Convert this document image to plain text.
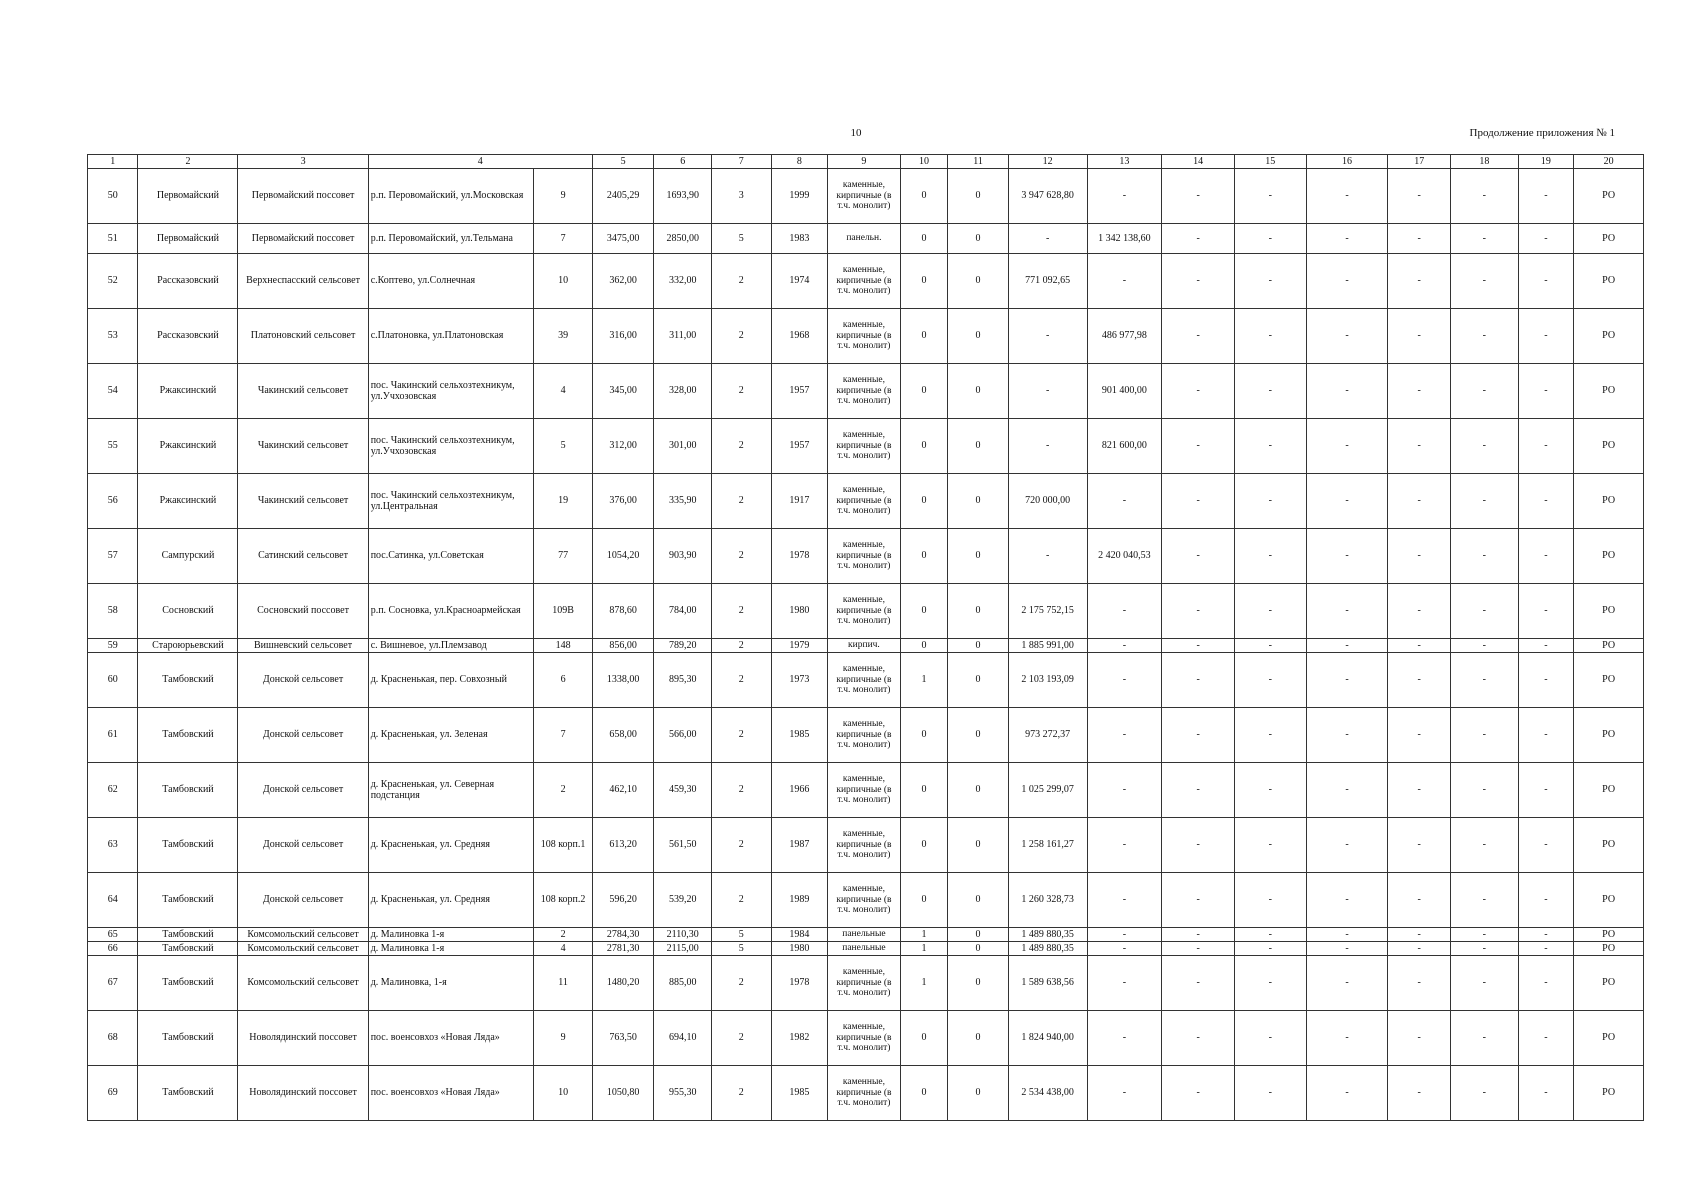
10	Продолжение приложения № 1
1	2	3	4		5	6	7	8	9	10	11	12	13	14	15	16	17	18	19	20
50	Первомайский	Первомайский поссовет	р.п. Перовомайский, ул.Московская	9	2405,29	1693,90	3	1999	каменные, кирпичные (в т.ч. монолит)	0	0	3 947 628,80	-	-	-	-	-	-	-	РО
51	Первомайский	Первомайский поссовет	р.п. Перовомайский, ул.Тельмана	7	3475,00	2850,00	5	1983	панельн.	0	0	-	1 342 138,60	-	-	-	-	-	-	РО
52	Рассказовский	Верхнеспасский сельсовет	с.Коптево, ул.Солнечная	10	362,00	332,00	2	1974	каменные, кирпичные (в т.ч. монолит)	0	0	771 092,65	-	-	-	-	-	-	-	РО
53	Рассказовский	Платоновский сельсовет	с.Платоновка, ул.Платоновская	39	316,00	311,00	2	1968	каменные, кирпичные (в т.ч. монолит)	0	0	-	486 977,98	-	-	-	-	-	-	РО
54	Ржаксинский	Чакинский сельсовет	пос. Чакинский сельхозтехникум, ул.Учхозовская	4	345,00	328,00	2	1957	каменные, кирпичные (в т.ч. монолит)	0	0	-	901 400,00	-	-	-	-	-	-	РО
55	Ржаксинский	Чакинский сельсовет	пос. Чакинский сельхозтехникум, ул.Учхозовская	5	312,00	301,00	2	1957	каменные, кирпичные (в т.ч. монолит)	0	0	-	821 600,00	-	-	-	-	-	-	РО
56	Ржаксинский	Чакинский сельсовет	пос. Чакинский сельхозтехникум, ул.Центральная	19	376,00	335,90	2	1917	каменные, кирпичные (в т.ч. монолит)	0	0	720 000,00	-	-	-	-	-	-	-	РО
57	Сампурский	Сатинский сельсовет	пос.Сатинка, ул.Советская	77	1054,20	903,90	2	1978	каменные, кирпичные (в т.ч. монолит)	0	0	-	2 420 040,53	-	-	-	-	-	-	РО
58	Сосновский	Сосновский поссовет	р.п. Сосновка, ул.Красноармейская	109В	878,60	784,00	2	1980	каменные, кирпичные (в т.ч. монолит)	0	0	2 175 752,15	-	-	-	-	-	-	-	РО
59	Староюрьевский	Вишневский сельсовет	с. Вишневое, ул.Племзавод	148	856,00	789,20	2	1979	кирпич.	0	0	1 885 991,00	-	-	-	-	-	-	-	РО
60	Тамбовский	Донской сельсовет	д. Красненькая, пер. Совхозный	6	1338,00	895,30	2	1973	каменные, кирпичные (в т.ч. монолит)	1	0	2 103 193,09	-	-	-	-	-	-	-	РО
61	Тамбовский	Донской сельсовет	д. Красненькая, ул. Зеленая	7	658,00	566,00	2	1985	каменные, кирпичные (в т.ч. монолит)	0	0	973 272,37	-	-	-	-	-	-	-	РО
62	Тамбовский	Донской сельсовет	д. Красненькая, ул. Северная подстанция	2	462,10	459,30	2	1966	каменные, кирпичные (в т.ч. монолит)	0	0	1 025 299,07	-	-	-	-	-	-	-	РО
63	Тамбовский	Донской сельсовет	д. Красненькая, ул. Средняя	108 корп.1	613,20	561,50	2	1987	каменные, кирпичные (в т.ч. монолит)	0	0	1 258 161,27	-	-	-	-	-	-	-	РО
64	Тамбовский	Донской сельсовет	д. Красненькая, ул. Средняя	108 корп.2	596,20	539,20	2	1989	каменные, кирпичные (в т.ч. монолит)	0	0	1 260 328,73	-	-	-	-	-	-	-	РО
65	Тамбовский	Комсомольский сельсовет	д. Малиновка 1-я	2	2784,30	2110,30	5	1984	панельные	1	0	1 489 880,35	-	-	-	-	-	-	-	РО
66	Тамбовский	Комсомольский сельсовет	д. Малиновка 1-я	4	2781,30	2115,00	5	1980	панельные	1	0	1 489 880,35	-	-	-	-	-	-	-	РО
67	Тамбовский	Комсомольский сельсовет	д. Малиновка, 1-я	11	1480,20	885,00	2	1978	каменные, кирпичные (в т.ч. монолит)	1	0	1 589 638,56	-	-	-	-	-	-	-	РО
68	Тамбовский	Новолядинский поссовет	пос. военсовхоз «Новая Ляда»	9	763,50	694,10	2	1982	каменные, кирпичные (в т.ч. монолит)	0	0	1 824 940,00	-	-	-	-	-	-	-	РО
69	Тамбовский	Новолядинский поссовет	пос. военсовхоз «Новая Ляда»	10	1050,80	955,30	2	1985	каменные, кирпичные (в т.ч. монолит)	0	0	2 534 438,00	-	-	-	-	-	-	-	РО
